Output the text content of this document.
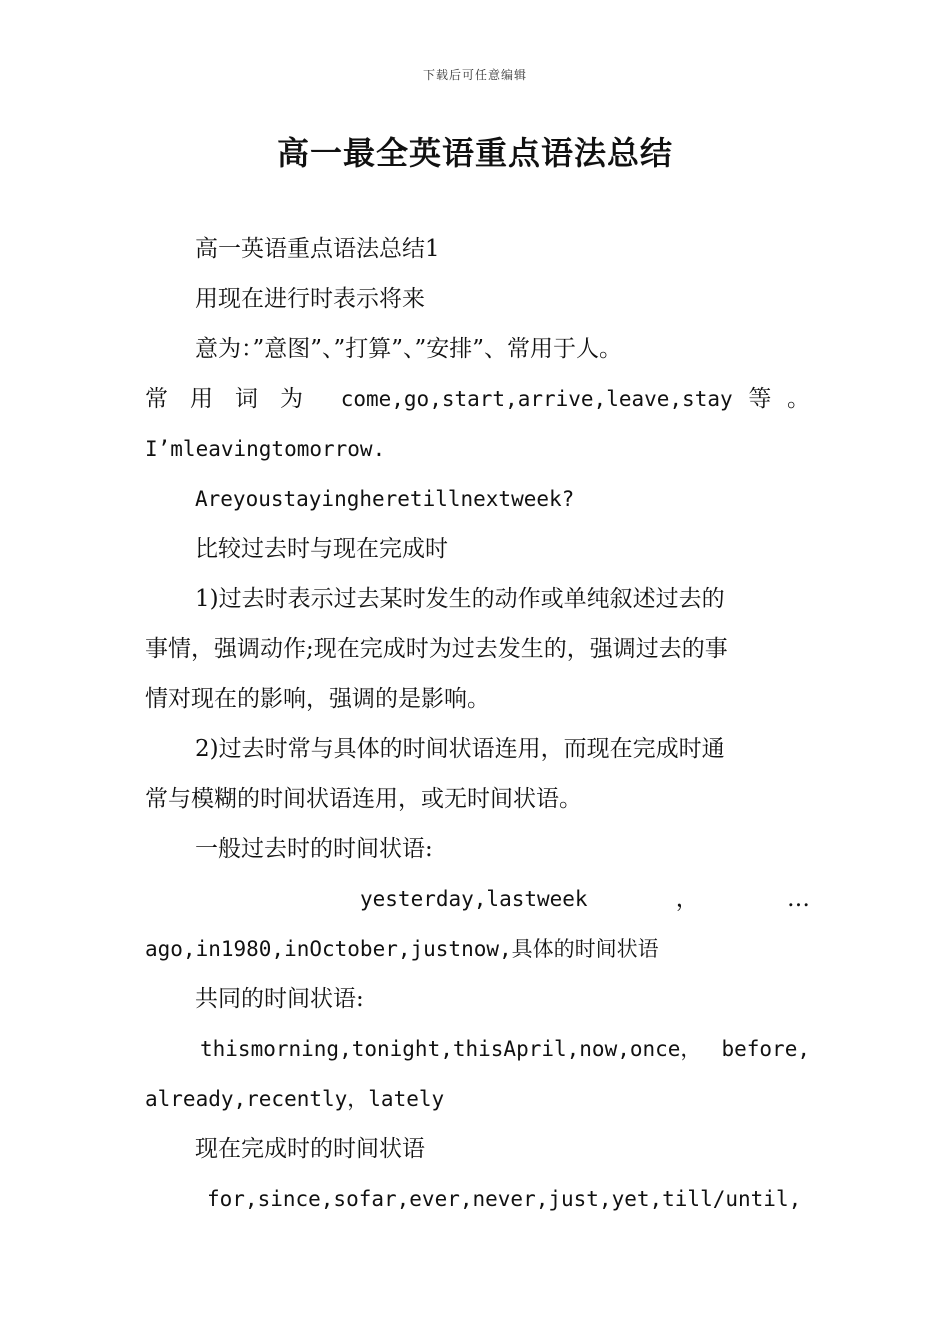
下载后可任意编辑
高一最全英语重点语法总结

高一英语重点语法总结1

用现在进行时表示将来

意为：”意图”、”打算”、”安排”、常用于人。

常用词为 come,go,start,arrive,leave,stay 等 。

I’mleavingtomorrow.

Areyoustayingheretillnextweek?

比较过去时与现在完成时

1)过去时表示过去某时发生的动作或单纯叙述过去的

事情，强调动作;现在完成时为过去发生的，强调过去的事

情对现在的影响，强调的是影响。

2)过去时常与具体的时间状语连用，而现在完成时通

常与模糊的时间状语连用，或无时间状语。

一般过去时的时间状语:

yesterday,lastweek	，	…

ago,in1980,inOctober,justnow,具体的时间状语

共同的时间状语:

thismorning,tonight,thisApril,now,once， before,

already,recently，lately

现在完成时的时间状语

for,since,sofar,ever,never,just,yet,till/until,
